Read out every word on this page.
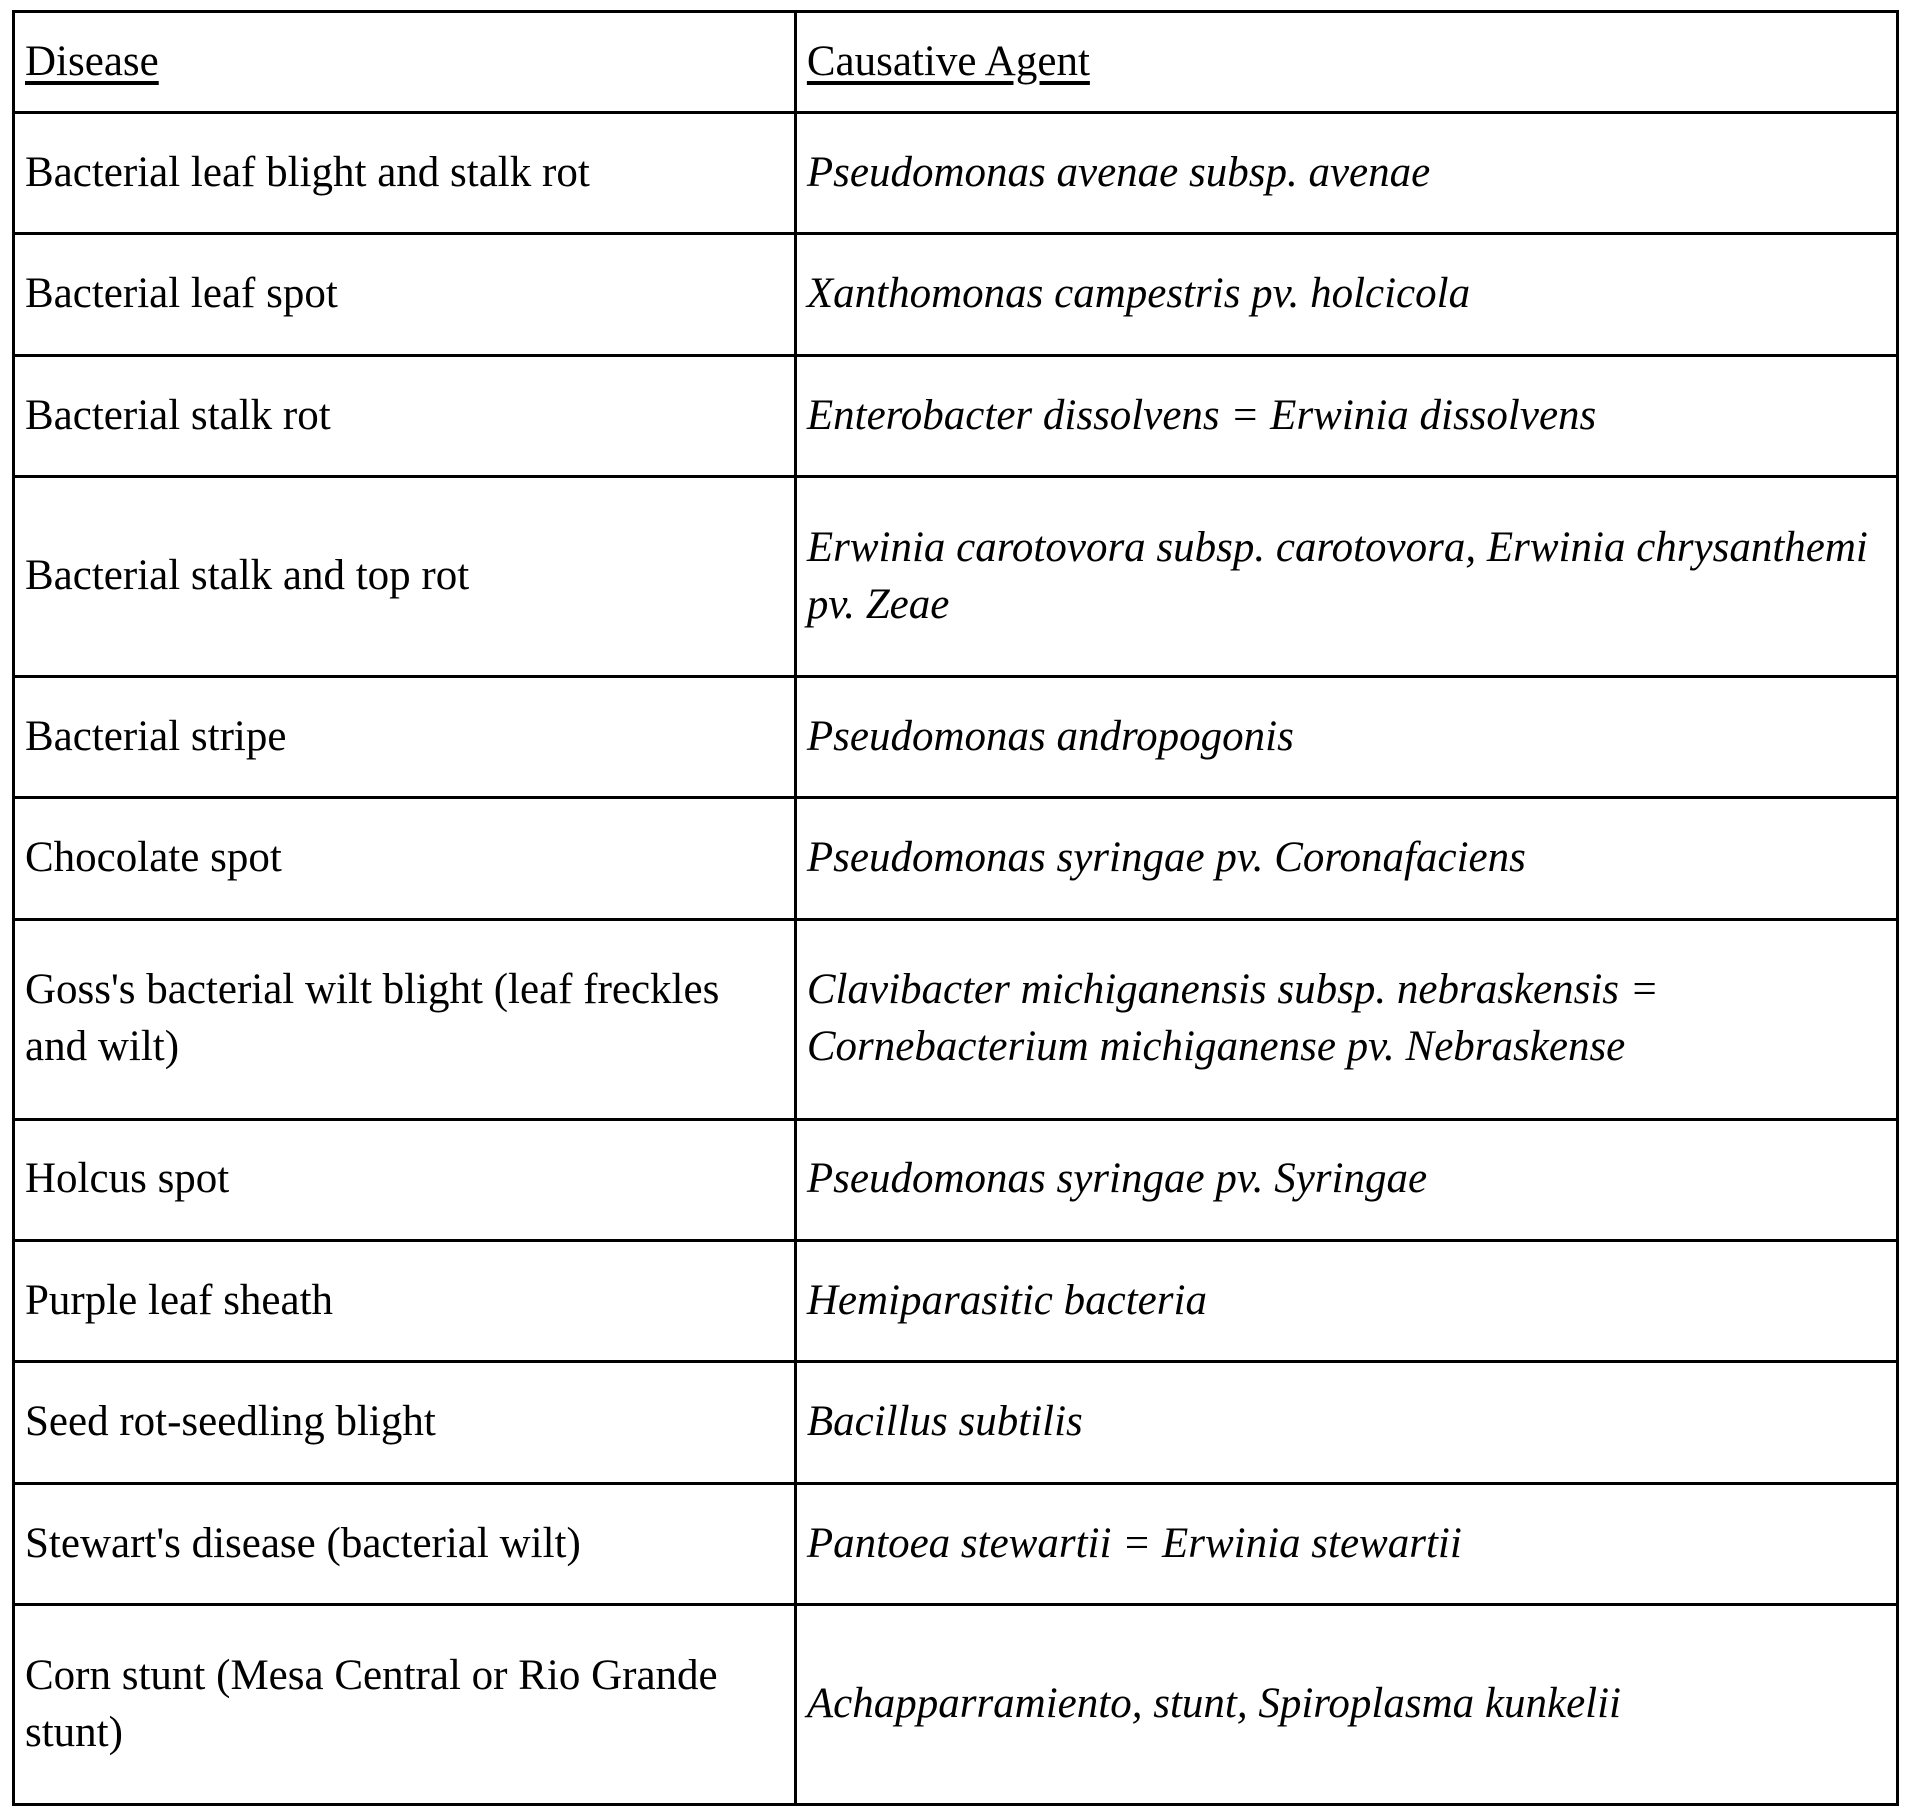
Disease	Causative Agent
Bacterial leaf blight and stalk rot	Pseudomonas avenae subsp. avenae
Bacterial leaf spot	Xanthomonas campestris pv. holcicola
Bacterial stalk rot	Enterobacter dissolvens = Erwinia dissolvens
Bacterial stalk and top rot	Erwinia carotovora subsp. carotovora, Erwinia chrysanthemi pv. Zeae
Bacterial stripe	Pseudomonas andropogonis
Chocolate spot	Pseudomonas syringae pv. Coronafaciens
Goss's bacterial wilt blight (leaf freckles and wilt)	Clavibacter michiganensis subsp. nebraskensis = Cornebacterium michiganense pv. Nebraskense
Holcus spot	Pseudomonas syringae pv. Syringae
Purple leaf sheath	Hemiparasitic bacteria
Seed rot-seedling blight	Bacillus subtilis
Stewart's disease (bacterial wilt)	Pantoea stewartii = Erwinia stewartii
Corn stunt (Mesa Central or Rio Grande stunt)	Achapparramiento, stunt, Spiroplasma kunkelii
